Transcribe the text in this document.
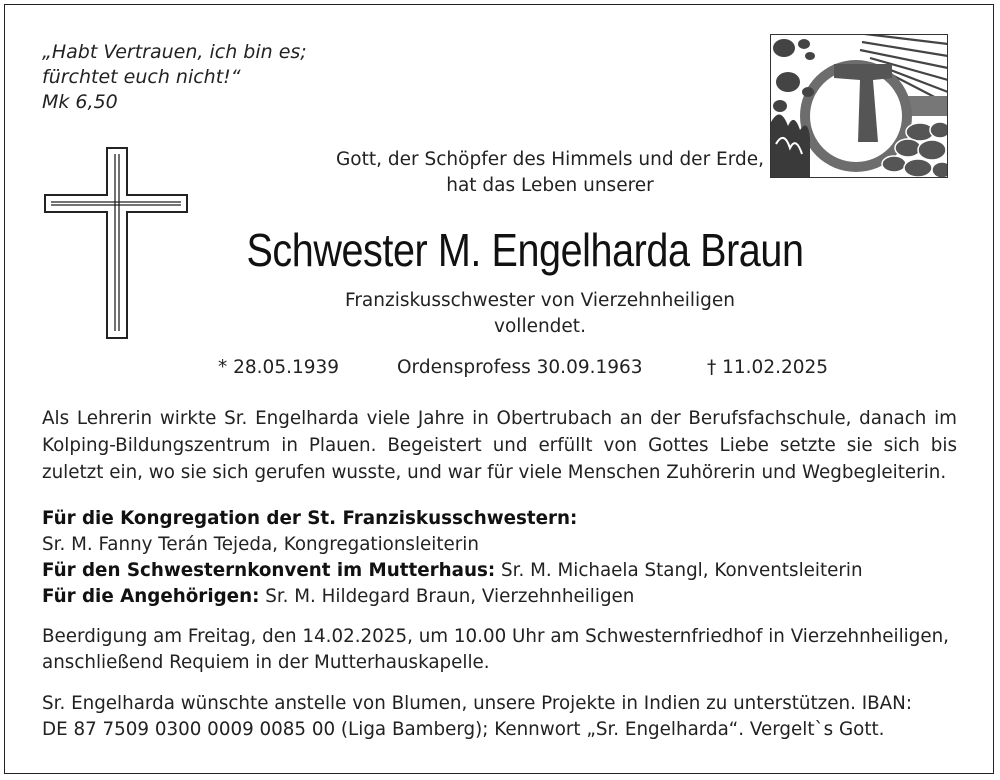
„Habt Vertrauen, ich bin es;
fürchtet euch nicht!“
Mk 6,50
Gott, der Schöpfer des Himmels und der Erde,
hat das Leben unserer
Schwester M. Engelharda Braun
Franziskusschwester von Vierzehnheiligen
vollendet.
* 28.05.1939	Ordensprofess 30.09.1963	† 11.02.2025
Als Lehrerin wirkte Sr. Engelharda viele Jahre in Obertrubach an der Berufsfachschule, danach im Kolping-Bildungszentrum in Plauen. Begeistert und erfüllt von Gottes Liebe setzte sie sich bis zuletzt ein, wo sie sich gerufen wusste, und war für viele Menschen Zuhörerin und Wegbegleiterin.
Für die Kongregation der St. Franziskusschwestern:
Sr. M. Fanny Terán Tejeda, Kongregationsleiterin
Für den Schwesternkonvent im Mutterhaus: Sr. M. Michaela Stangl, Konventsleiterin
Für die Angehörigen: Sr. M. Hildegard Braun, Vierzehnheiligen
Beerdigung am Freitag, den 14.02.2025, um 10.00 Uhr am Schwesternfriedhof in Vierzehnheiligen,
anschließend Requiem in der Mutterhauskapelle.
Sr. Engelharda wünschte anstelle von Blumen, unsere Projekte in Indien zu unterstützen. IBAN:
DE 87 7509 0300 0009 0085 00 (Liga Bamberg); Kennwort „Sr. Engelharda“. Vergelt`s Gott.
